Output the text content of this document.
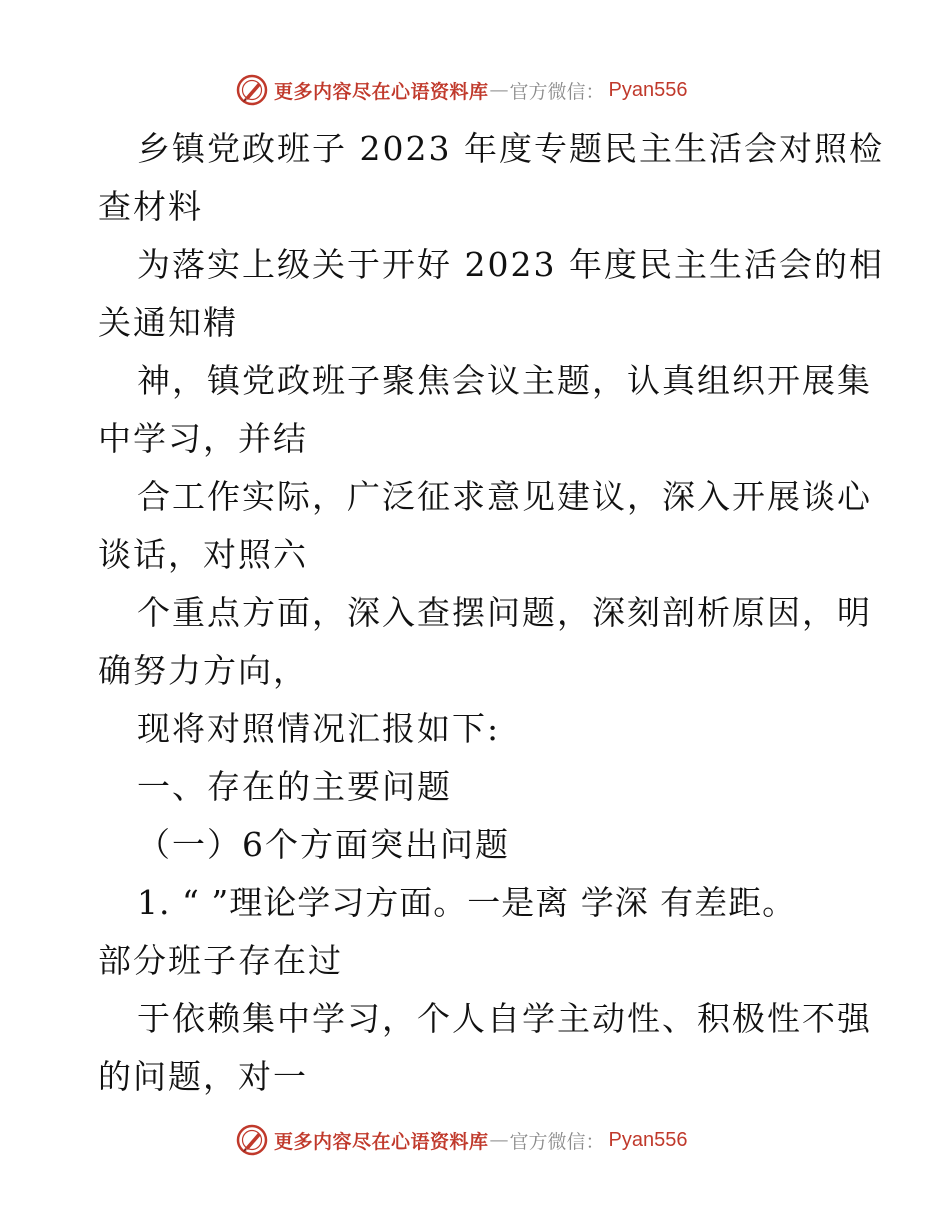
更多内容尽在心语资料库 — 官方微信： Pyan556
乡镇党政班子 2023 年度专题民主生活会对照检
查材料
为落实上级关于开好 2023 年度民主生活会的相
关通知精
神，镇党政班子聚焦会议主题，认真组织开展集
中学习，并结
合工作实际，广泛征求意见建议，深入开展谈心
谈话，对照六
个重点方面，深入查摆问题，深刻剖析原因，明
确努力方向，
现将对照情况汇报如下:
一、存在的主要问题
（一）6个方面突出问题
1. “ ”理论学习方面。一是离 学深 有差距。
部分班子存在过
于依赖集中学习，个人自学主动性、积极性不强
的问题，对一
更多内容尽在心语资料库 — 官方微信： Pyan556
